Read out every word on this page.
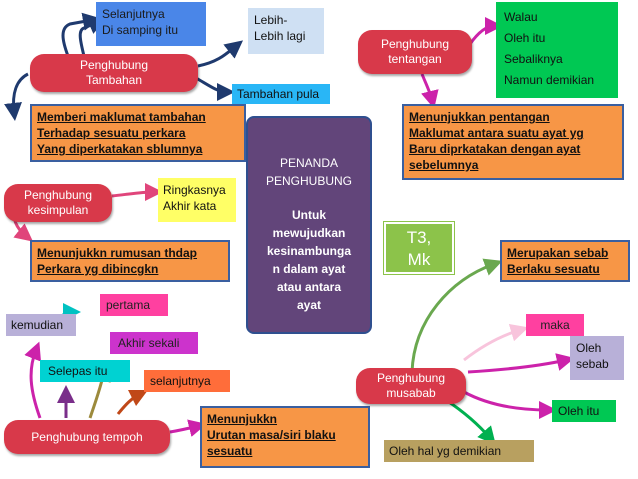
Selanjutnya
Di samping itu
Lebih-
Lebih lagi
Tambahan pula
Penghubung
Tambahan
Memberi maklumat tambahan
Terhadap sesuatu perkara
Yang diperkatakan sblumnya
PENANDA
PENGHUBUNG
Untuk
mewujudkan
kesinambunga
n dalam ayat
atau antara
ayat
T3,
Mk
Penghubung
tentangan
Walau
Oleh itu
Sebaliknya
Namun demikian
Menunjukkan pentangan
Maklumat antara suatu ayat yg
Baru diprkatakan dengan ayat
sebelumnya
Penghubung
kesimpulan
Ringkasnya
Akhir kata
Menunjukkn rumusan thdap
Perkara yg dibincgkn
pertama
kemudian
Akhir sekali
Selepas itu
selanjutnya
Penghubung tempoh
Menunjukkn
Urutan masa/siri blaku
sesuatu
Merupakan sebab
Berlaku sesuatu
maka
Oleh
sebab
Penghubung
musabab
Oleh itu
Oleh hal yg demikian
